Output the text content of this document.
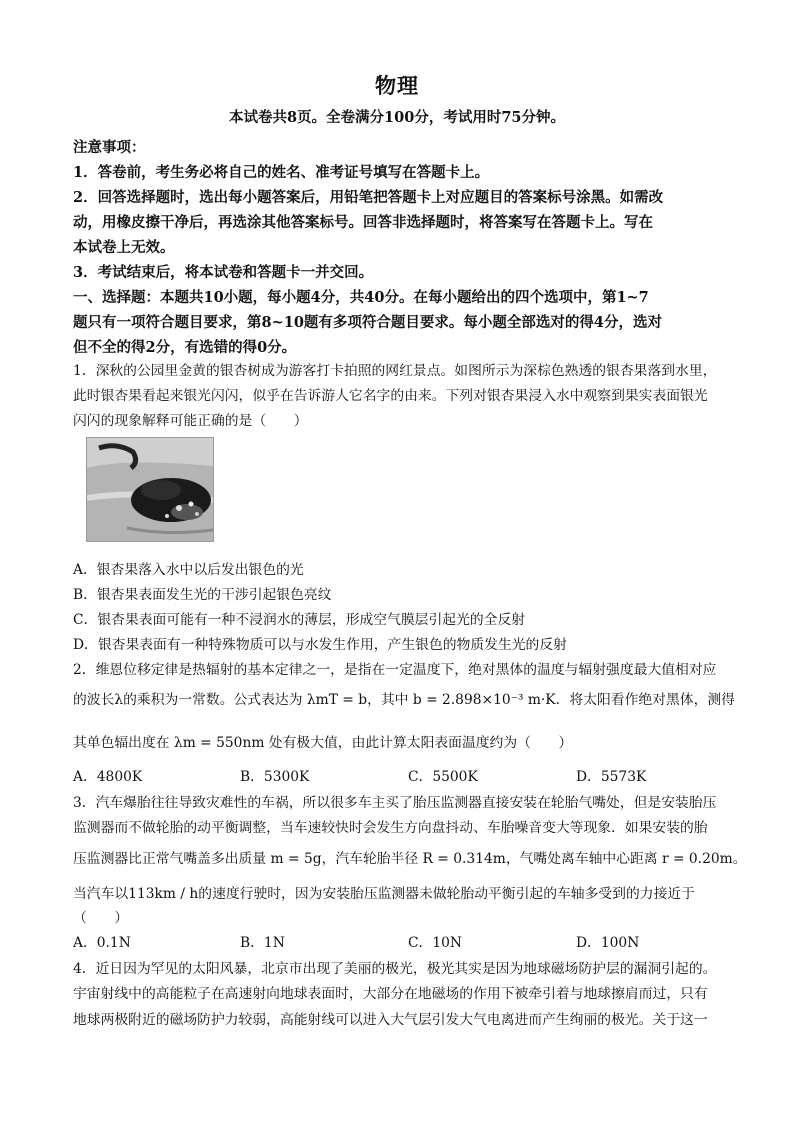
物理
本试卷共8页。全卷满分100分，考试用时75分钟。
注意事项：
1．答卷前，考生务必将自己的姓名、准考证号填写在答题卡上。
2．回答选择题时，选出每小题答案后，用铅笔把答题卡上对应题目的答案标号涂黑。如需改
动，用橡皮擦干净后，再选涂其他答案标号。回答非选择题时，将答案写在答题卡上。写在
本试卷上无效。
3．考试结束后，将本试卷和答题卡一并交回。
一、选择题：本题共10小题，每小题4分，共40分。在每小题给出的四个选项中，第1~7
题只有一项符合题目要求，第8~10题有多项符合题目要求。每小题全部选对的得4分，选对
但不全的得2分，有选错的得0分。
1．深秋的公园里金黄的银杏树成为游客打卡拍照的网红景点。如图所示为深棕色熟透的银杏果落到水里，
此时银杏果看起来银光闪闪，似乎在告诉游人它名字的由来。下列对银杏果浸入水中观察到果实表面银光
闪闪的现象解释可能正确的是（　　）
A．银杏果落入水中以后发出银色的光
B．银杏果表面发生光的干涉引起银色亮纹
C．银杏果表面可能有一种不浸润水的薄层，形成空气膜层引起光的全反射
D．银杏果表面有一种特殊物质可以与水发生作用，产生银色的物质发生光的反射
2．维恩位移定律是热辐射的基本定律之一，是指在一定温度下，绝对黑体的温度与辐射强度最大值相对应
的波长λ的乘积为一常数。公式表达为 λmT = b，其中 b = 2.898×10⁻³ m·K．将太阳看作绝对黑体，测得
其单色辐出度在 λm = 550nm 处有极大值，由此计算太阳表面温度约为（　　）
A．4800K	B．5300K	C．5500K	D．5573K
3．汽车爆胎往往导致灾难性的车祸，所以很多车主买了胎压监测器直接安装在轮胎气嘴处，但是安装胎压
监测器而不做轮胎的动平衡调整，当车速较快时会发生方向盘抖动、车胎噪音变大等现象．如果安装的胎
压监测器比正常气嘴盖多出质量 m = 5g，汽车轮胎半径 R = 0.314m，气嘴处离车轴中心距离 r = 0.20m。
当汽车以113km / h的速度行驶时，因为安装胎压监测器未做轮胎动平衡引起的车轴多受到的力接近于
（　　）
A．0.1N	B．1N	C．10N	D．100N
4．近日因为罕见的太阳风暴，北京市出现了美丽的极光，极光其实是因为地球磁场防护层的漏洞引起的。
宇宙射线中的高能粒子在高速射向地球表面时，大部分在地磁场的作用下被牵引着与地球擦肩而过，只有
地球两极附近的磁场防护力较弱，高能射线可以进入大气层引发大气电离进而产生绚丽的极光。关于这一
